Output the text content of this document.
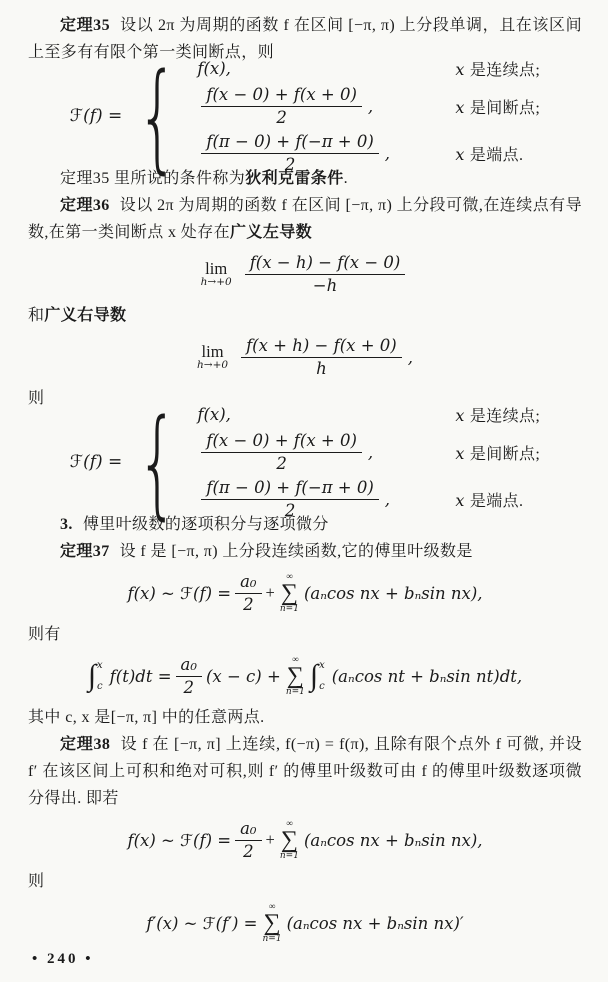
定理35 设以 2π 为周期的函数 f 在区间 [−π, π) 上分段单调，且在该区间上至多有有限个第一类间断点，则

ℱ(f) = { f(x),	x 是连续点;
$\frac{f(x - 0) + f(x + 0)}{2}$ ,	x 是间断点;
$\frac{f(\pi - 0) + f(-\pi + 0)}{2}$ ,	x 是端点.

定理35 里所说的条件称为狄利克雷条件.

定理36 设以 2π 为周期的函数 f 在区间 [−π, π) 上分段可微,在连续点有导数,在第一类间断点 x 处存在广义左导数

lim
$h\to+0 \frac{f(x - h) - f(x - 0)}{-h}$

和广义右导数

lim
$h\to+0 \frac{f(x + h) - f(x + 0)}{h}$ ,

则

ℱ(f) = { f(x),	x 是连续点;
$\frac{f(x - 0) + f(x + 0)}{2}$ ,	x 是间断点;
$\frac{f(\pi - 0) + f(-\pi + 0)}{2}$ ,	x 是端点.

3. 傅里叶级数的逐项积分与逐项微分

定理37 设 f 是 [−π, π) 上分段连续函数,它的傅里叶级数是

f(x) ~ ℱ(f) = $\frac{\text{a₀}}{2}$ +
∞
∑
n=1
(aₙcos nx + bₙsin nx),

则有

∫ x
c
$f(t)dt = \frac{\text{a₀}}{2} (x - c)$ +
∞
∑
n=1 ∫ x
c
(aₙcos nt + bₙsin nt)dt,

其中 c, x 是[−π, π] 中的任意两点.

定理38 设 f 在 [−π, π] 上连续, f(−π) = f(π), 且除有限个点外 f 可微, 并设 f′ 在该区间上可积和绝对可积,则 f′ 的傅里叶级数可由 f 的傅里叶级数逐项微分得出. 即若

f(x) ~ ℱ(f) = $\frac{\text{a₀}}{2}$ +
∞
∑
n=1
(aₙcos nx + bₙsin nx),

则

f′(x) ~ ℱ(f′) =
∞
∑
n=1
(aₙcos nx + bₙsin nx)′
• 240 •
